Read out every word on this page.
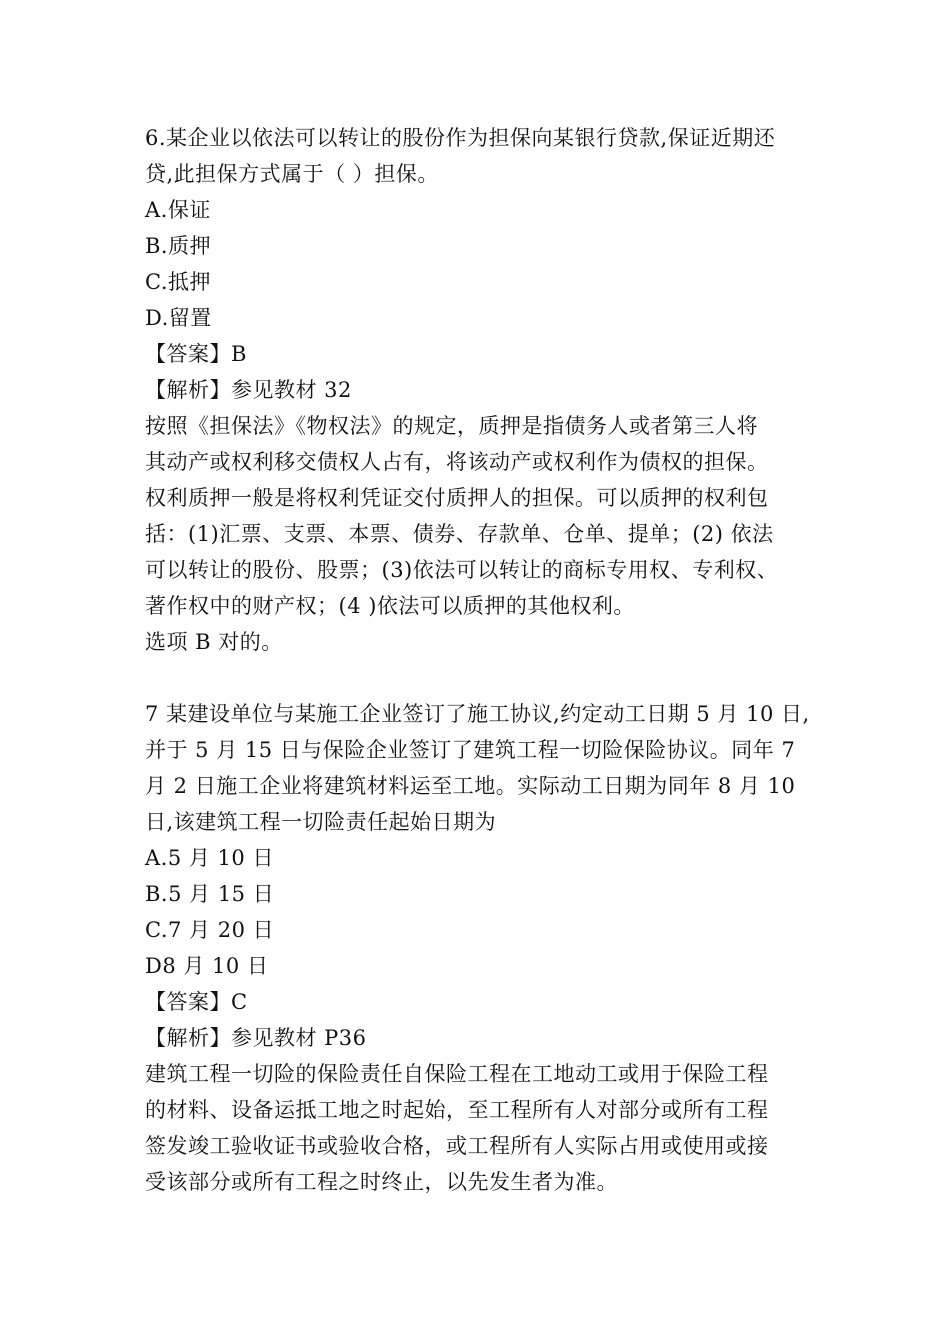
6.某企业以依法可以转让的股份作为担保向某银行贷款,保证近期还
贷,此担保方式属于（ ）担保。
A.保证
B.质押
C.抵押
D.留置
【答案】B
【解析】参见教材 32
按照《担保法》《物权法》的规定，质押是指债务人或者第三人将
其动产或权利移交债权人占有，将该动产或权利作为债权的担保。
权利质押一般是将权利凭证交付质押人的担保。可以质押的权利包
括：(1)汇票、支票、本票、债券、存款单、仓单、提单；(2) 依法
可以转让的股份、股票；(3)依法可以转让的商标专用权、专利权、
著作权中的财产权；(4 )依法可以质押的其他权利。
选项 B 对的。
7 某建设单位与某施工企业签订了施工协议,约定动工日期 5 月 10 日,
并于 5 月 15 日与保险企业签订了建筑工程一切险保险协议。同年 7
月 2 日施工企业将建筑材料运至工地。实际动工日期为同年 8 月 10
日,该建筑工程一切险责任起始日期为
A.5 月 10 日
B.5 月 15 日
C.7 月 20 日
D8 月 10 日
【答案】C
【解析】参见教材 P36
建筑工程一切险的保险责任自保险工程在工地动工或用于保险工程
的材料、设备运抵工地之时起始，至工程所有人对部分或所有工程
签发竣工验收证书或验收合格，或工程所有人实际占用或使用或接
受该部分或所有工程之时终止，以先发生者为准。
